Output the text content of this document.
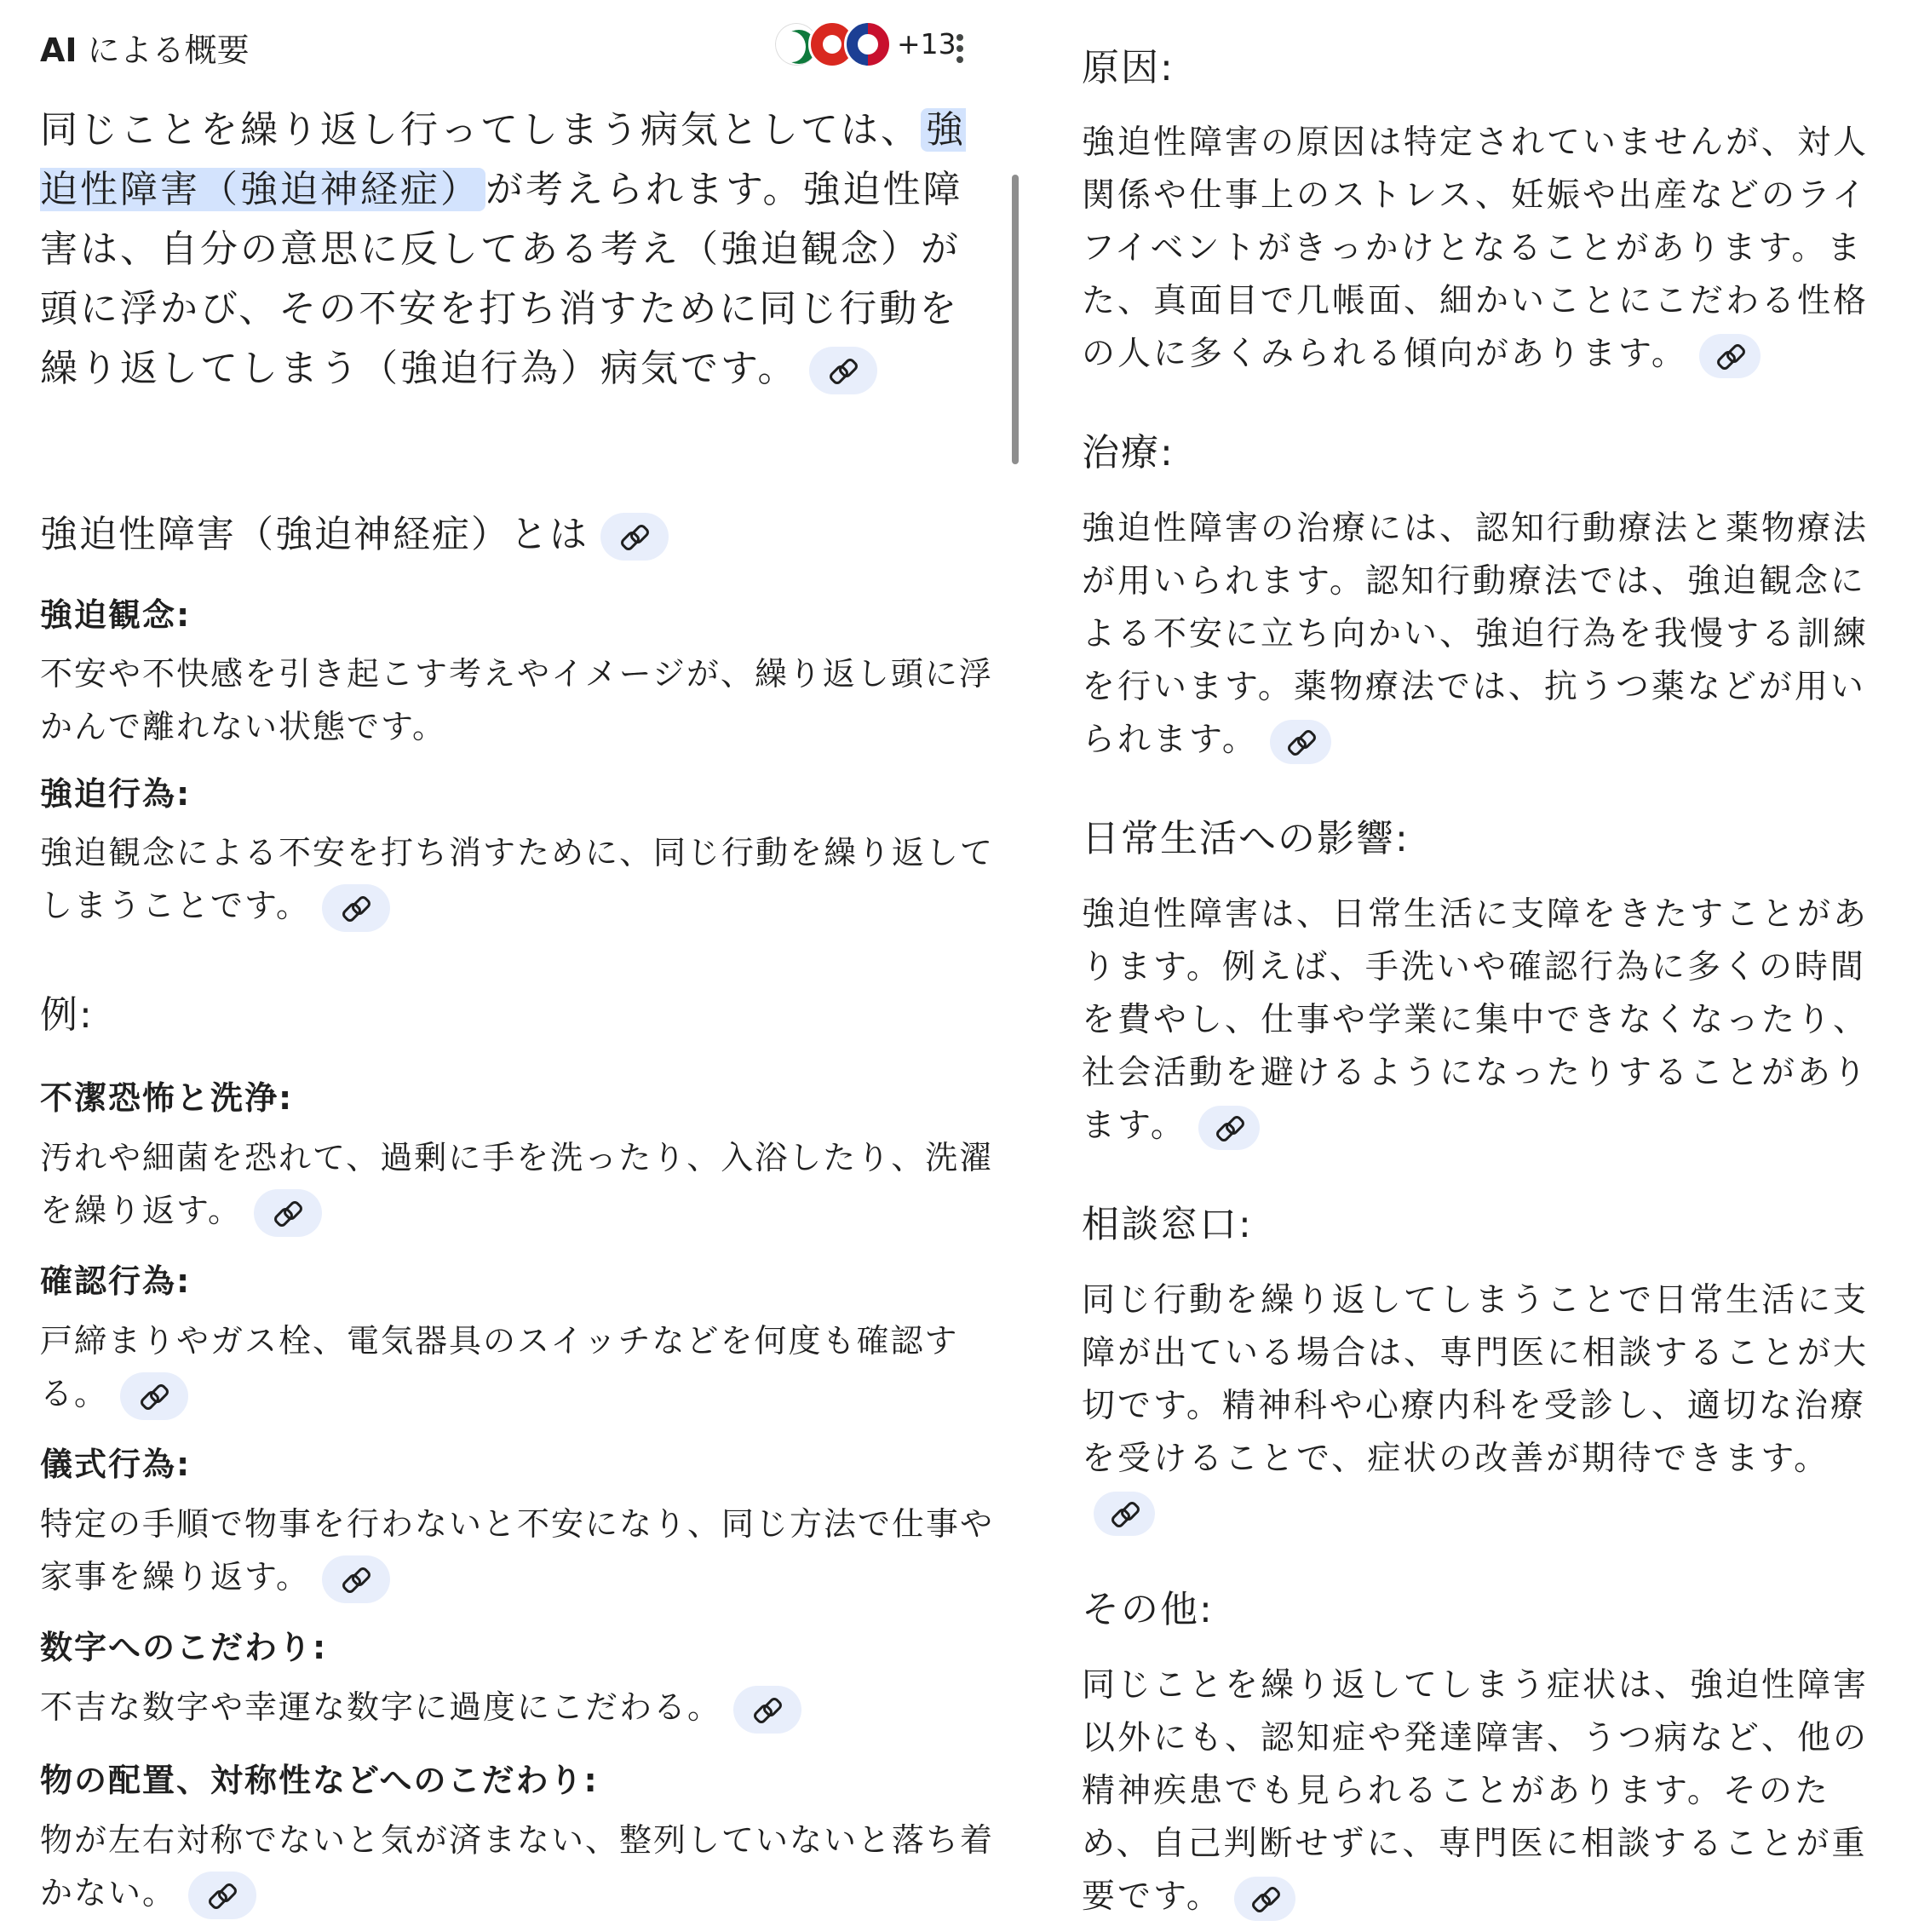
AI による概要	+13
同じことを繰り返し行ってしまう病気としては、 強迫性障害（強迫神経症） が考えられます。強迫性障害は、自分の意思に反してある考え（強迫観念）が頭に浮かび、その不安を打ち消すために同じ行動を繰り返してしまう（強迫行為）病気です。
強迫性障害（強迫神経症）とは
強迫観念:
不安や不快感を引き起こす考えやイメージが、繰り返し頭に浮かんで離れない状態です。
強迫行為:
強迫観念による不安を打ち消すために、同じ行動を繰り返してしまうことです。
例:
不潔恐怖と洗浄:
汚れや細菌を恐れて、過剰に手を洗ったり、入浴したり、洗濯を繰り返す。
確認行為:
戸締まりやガス栓、電気器具のスイッチなどを何度も確認する。
儀式行為:
特定の手順で物事を行わないと不安になり、同じ方法で仕事や家事を繰り返す。
数字へのこだわり:
不吉な数字や幸運な数字に過度にこだわる。
物の配置、対称性などへのこだわり:
物が左右対称でないと気が済まない、整列していないと落ち着かない。
原因:
強迫性障害の原因は特定されていませんが、対人関係や仕事上のストレス、妊娠や出産などのライフイベントがきっかけとなることがあります。また、真面目で几帳面、細かいことにこだわる性格の人に多くみられる傾向があります。
治療:
強迫性障害の治療には、認知行動療法と薬物療法が用いられます。認知行動療法では、強迫観念による不安に立ち向かい、強迫行為を我慢する訓練を行います。薬物療法では、抗うつ薬などが用いられます。
日常生活への影響:
強迫性障害は、日常生活に支障をきたすことがあります。例えば、手洗いや確認行為に多くの時間を費やし、仕事や学業に集中できなくなったり、社会活動を避けるようになったりすることがあります。
相談窓口:
同じ行動を繰り返してしまうことで日常生活に支障が出ている場合は、専門医に相談することが大切です。精神科や心療内科を受診し、適切な治療を受けることで、症状の改善が期待できます。
その他:
同じことを繰り返してしまう症状は、強迫性障害以外にも、認知症や発達障害、うつ病など、他の精神疾患でも見られることがあります。そのため、自己判断せずに、専門医に相談することが重要です。
